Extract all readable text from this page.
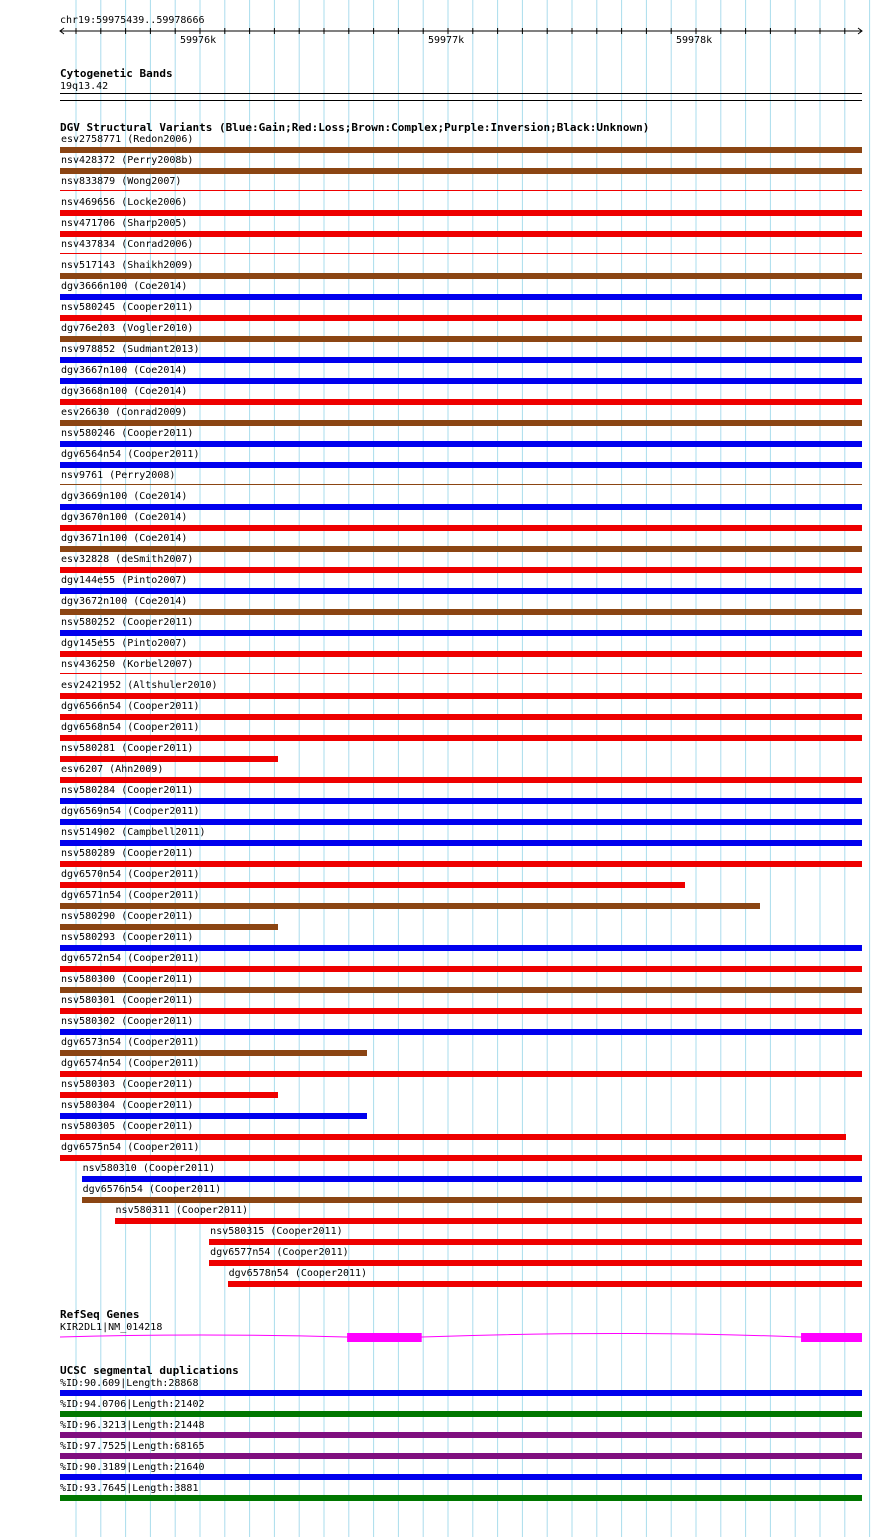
chr19:59975439..59978666
59976k	59977k	59978k
Cytogenetic Bands
19q13.42
DGV Structural Variants (Blue:Gain;Red:Loss;Brown:Complex;Purple:Inversion;Black:Unknown)
esv2758771 (Redon2006)
nsv428372 (Perry2008b)
nsv833879 (Wong2007)
nsv469656 (Locke2006)
nsv471706 (Sharp2005)
nsv437834 (Conrad2006)
nsv517143 (Shaikh2009)
dgv3666n100 (Coe2014)
nsv580245 (Cooper2011)
dgv76e203 (Vogler2010)
nsv978852 (Sudmant2013)
dgv3667n100 (Coe2014)
dgv3668n100 (Coe2014)
esv26630 (Conrad2009)
nsv580246 (Cooper2011)
dgv6564n54 (Cooper2011)
nsv9761 (Perry2008)
dgv3669n100 (Coe2014)
dgv3670n100 (Coe2014)
dgv3671n100 (Coe2014)
esv32828 (deSmith2007)
dgv144e55 (Pinto2007)
dgv3672n100 (Coe2014)
nsv580252 (Cooper2011)
dgv145e55 (Pinto2007)
nsv436250 (Korbel2007)
esv2421952 (Altshuler2010)
dgv6566n54 (Cooper2011)
dgv6568n54 (Cooper2011)
nsv580281 (Cooper2011)
esv6207 (Ahn2009)
nsv580284 (Cooper2011)
dgv6569n54 (Cooper2011)
nsv514902 (Campbell2011)
nsv580289 (Cooper2011)
dgv6570n54 (Cooper2011)
dgv6571n54 (Cooper2011)
nsv580290 (Cooper2011)
nsv580293 (Cooper2011)
dgv6572n54 (Cooper2011)
nsv580300 (Cooper2011)
nsv580301 (Cooper2011)
nsv580302 (Cooper2011)
dgv6573n54 (Cooper2011)
dgv6574n54 (Cooper2011)
nsv580303 (Cooper2011)
nsv580304 (Cooper2011)
nsv580305 (Cooper2011)
dgv6575n54 (Cooper2011)
nsv580310 (Cooper2011)
dgv6576n54 (Cooper2011)
nsv580311 (Cooper2011)
nsv580315 (Cooper2011)
dgv6577n54 (Cooper2011)
dgv6578n54 (Cooper2011)
RefSeq Genes
KIR2DL1|NM_014218
UCSC segmental duplications
%ID:90.609|Length:28868
%ID:94.0706|Length:21402
%ID:96.3213|Length:21448
%ID:97.7525|Length:68165
%ID:90.3189|Length:21640
%ID:93.7645|Length:3881
